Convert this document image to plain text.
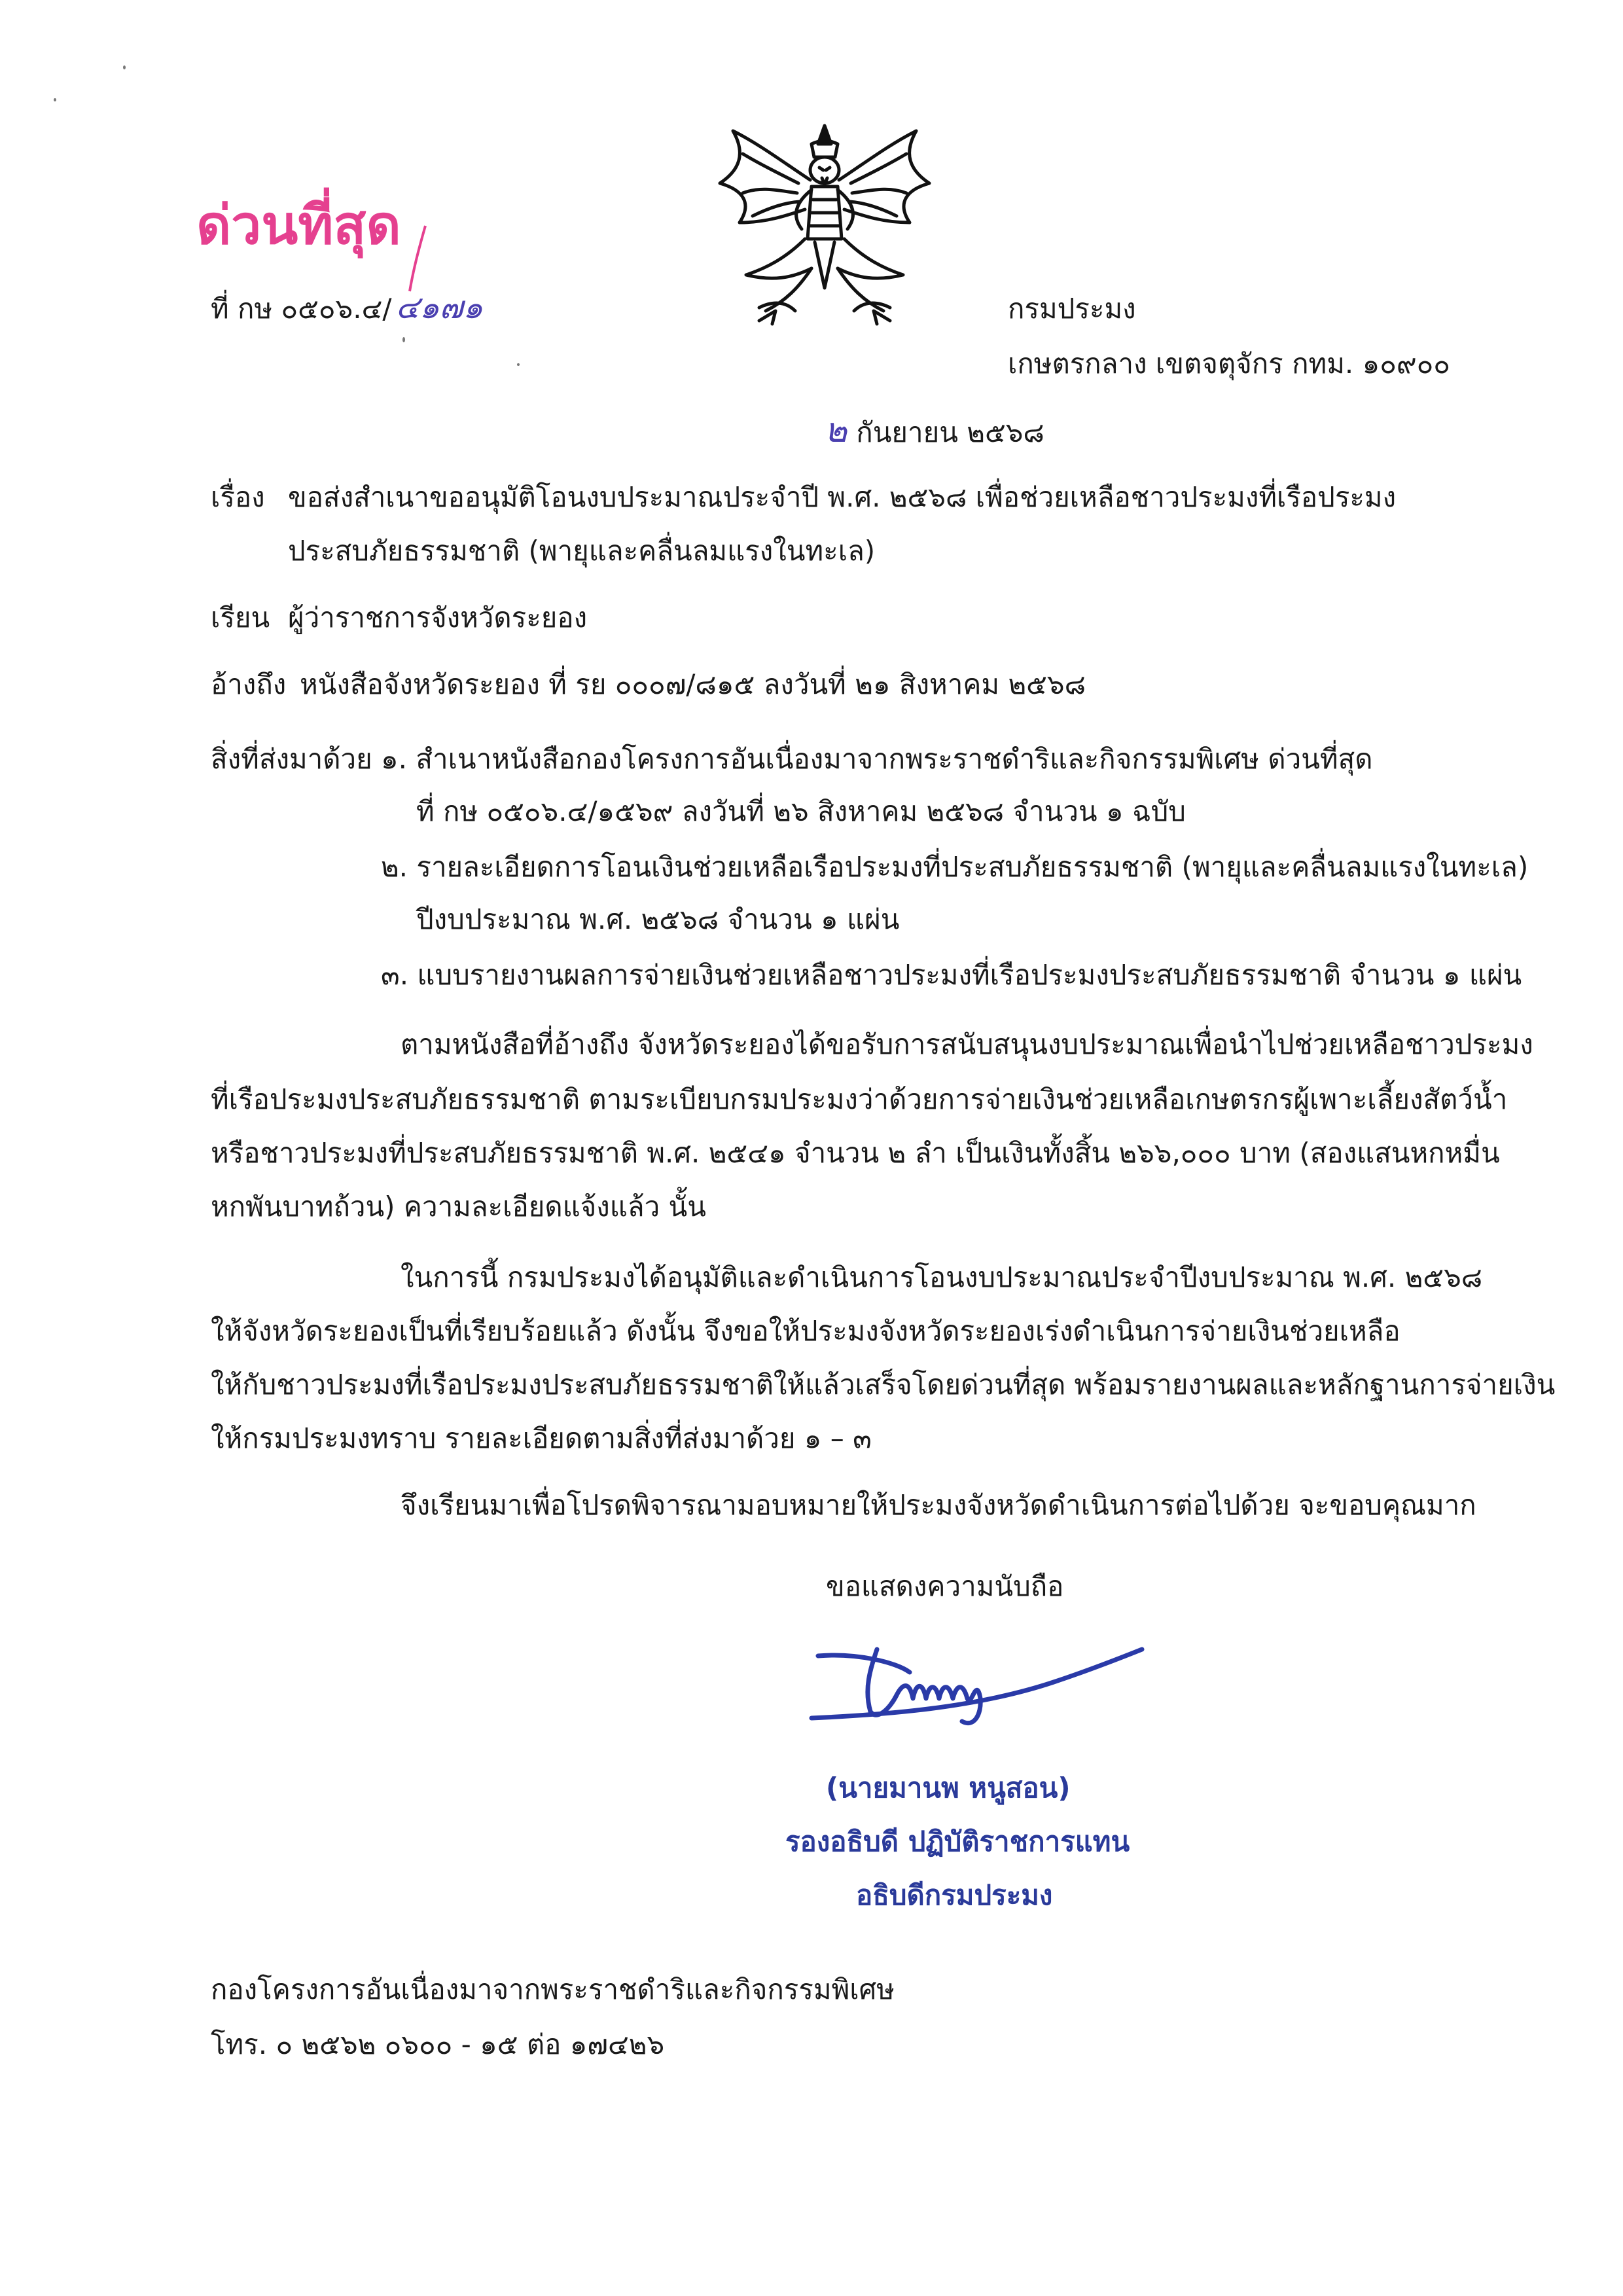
ด่วนที่สุด
ที่ กษ ๐๕๐๖.๔/ ๔๑๗๑	กรมประมง
เกษตรกลาง เขตจตุจักร กทม. ๑๐๙๐๐
๒ กันยายน ๒๕๖๘
เรื่อง ขอส่งสำเนาขออนุมัติโอนงบประมาณประจำปี พ.ศ. ๒๕๖๘ เพื่อช่วยเหลือชาวประมงที่เรือประมง
ประสบภัยธรรมชาติ (พายุและคลื่นลมแรงในทะเล)
เรียน ผู้ว่าราชการจังหวัดระยอง
อ้างถึง หนังสือจังหวัดระยอง ที่ รย ๐๐๐๗/๘๑๕ ลงวันที่ ๒๑ สิงหาคม ๒๕๖๘
สิ่งที่ส่งมาด้วย ๑. สำเนาหนังสือกองโครงการอันเนื่องมาจากพระราชดำริและกิจกรรมพิเศษ ด่วนที่สุด
ที่ กษ ๐๕๐๖.๔/๑๕๖๙ ลงวันที่ ๒๖ สิงหาคม ๒๕๖๘ จำนวน ๑ ฉบับ
๒. รายละเอียดการโอนเงินช่วยเหลือเรือประมงที่ประสบภัยธรรมชาติ (พายุและคลื่นลมแรงในทะเล)
ปีงบประมาณ พ.ศ. ๒๕๖๘ จำนวน ๑ แผ่น
๓. แบบรายงานผลการจ่ายเงินช่วยเหลือชาวประมงที่เรือประมงประสบภัยธรรมชาติ จำนวน ๑ แผ่น
ตามหนังสือที่อ้างถึง จังหวัดระยองได้ขอรับการสนับสนุนงบประมาณเพื่อนำไปช่วยเหลือชาวประมง
ที่เรือประมงประสบภัยธรรมชาติ ตามระเบียบกรมประมงว่าด้วยการจ่ายเงินช่วยเหลือเกษตรกรผู้เพาะเลี้ยงสัตว์น้ำ
หรือชาวประมงที่ประสบภัยธรรมชาติ พ.ศ. ๒๕๔๑ จำนวน ๒ ลำ เป็นเงินทั้งสิ้น ๒๖๖,๐๐๐ บาท (สองแสนหกหมื่น
หกพันบาทถ้วน) ความละเอียดแจ้งแล้ว นั้น
ในการนี้ กรมประมงได้อนุมัติและดำเนินการโอนงบประมาณประจำปีงบประมาณ พ.ศ. ๒๕๖๘
ให้จังหวัดระยองเป็นที่เรียบร้อยแล้ว ดังนั้น จึงขอให้ประมงจังหวัดระยองเร่งดำเนินการจ่ายเงินช่วยเหลือ
ให้กับชาวประมงที่เรือประมงประสบภัยธรรมชาติให้แล้วเสร็จโดยด่วนที่สุด พร้อมรายงานผลและหลักฐานการจ่ายเงิน
ให้กรมประมงทราบ รายละเอียดตามสิ่งที่ส่งมาด้วย ๑ – ๓
จึงเรียนมาเพื่อโปรดพิจารณามอบหมายให้ประมงจังหวัดดำเนินการต่อไปด้วย จะขอบคุณมาก
ขอแสดงความนับถือ
(นายมานพ หนูสอน)
รองอธิบดี ปฏิบัติราชการแทน
อธิบดีกรมประมง
กองโครงการอันเนื่องมาจากพระราชดำริและกิจกรรมพิเศษ
โทร. ๐ ๒๕๖๒ ๐๖๐๐ - ๑๕ ต่อ ๑๗๔๒๖
